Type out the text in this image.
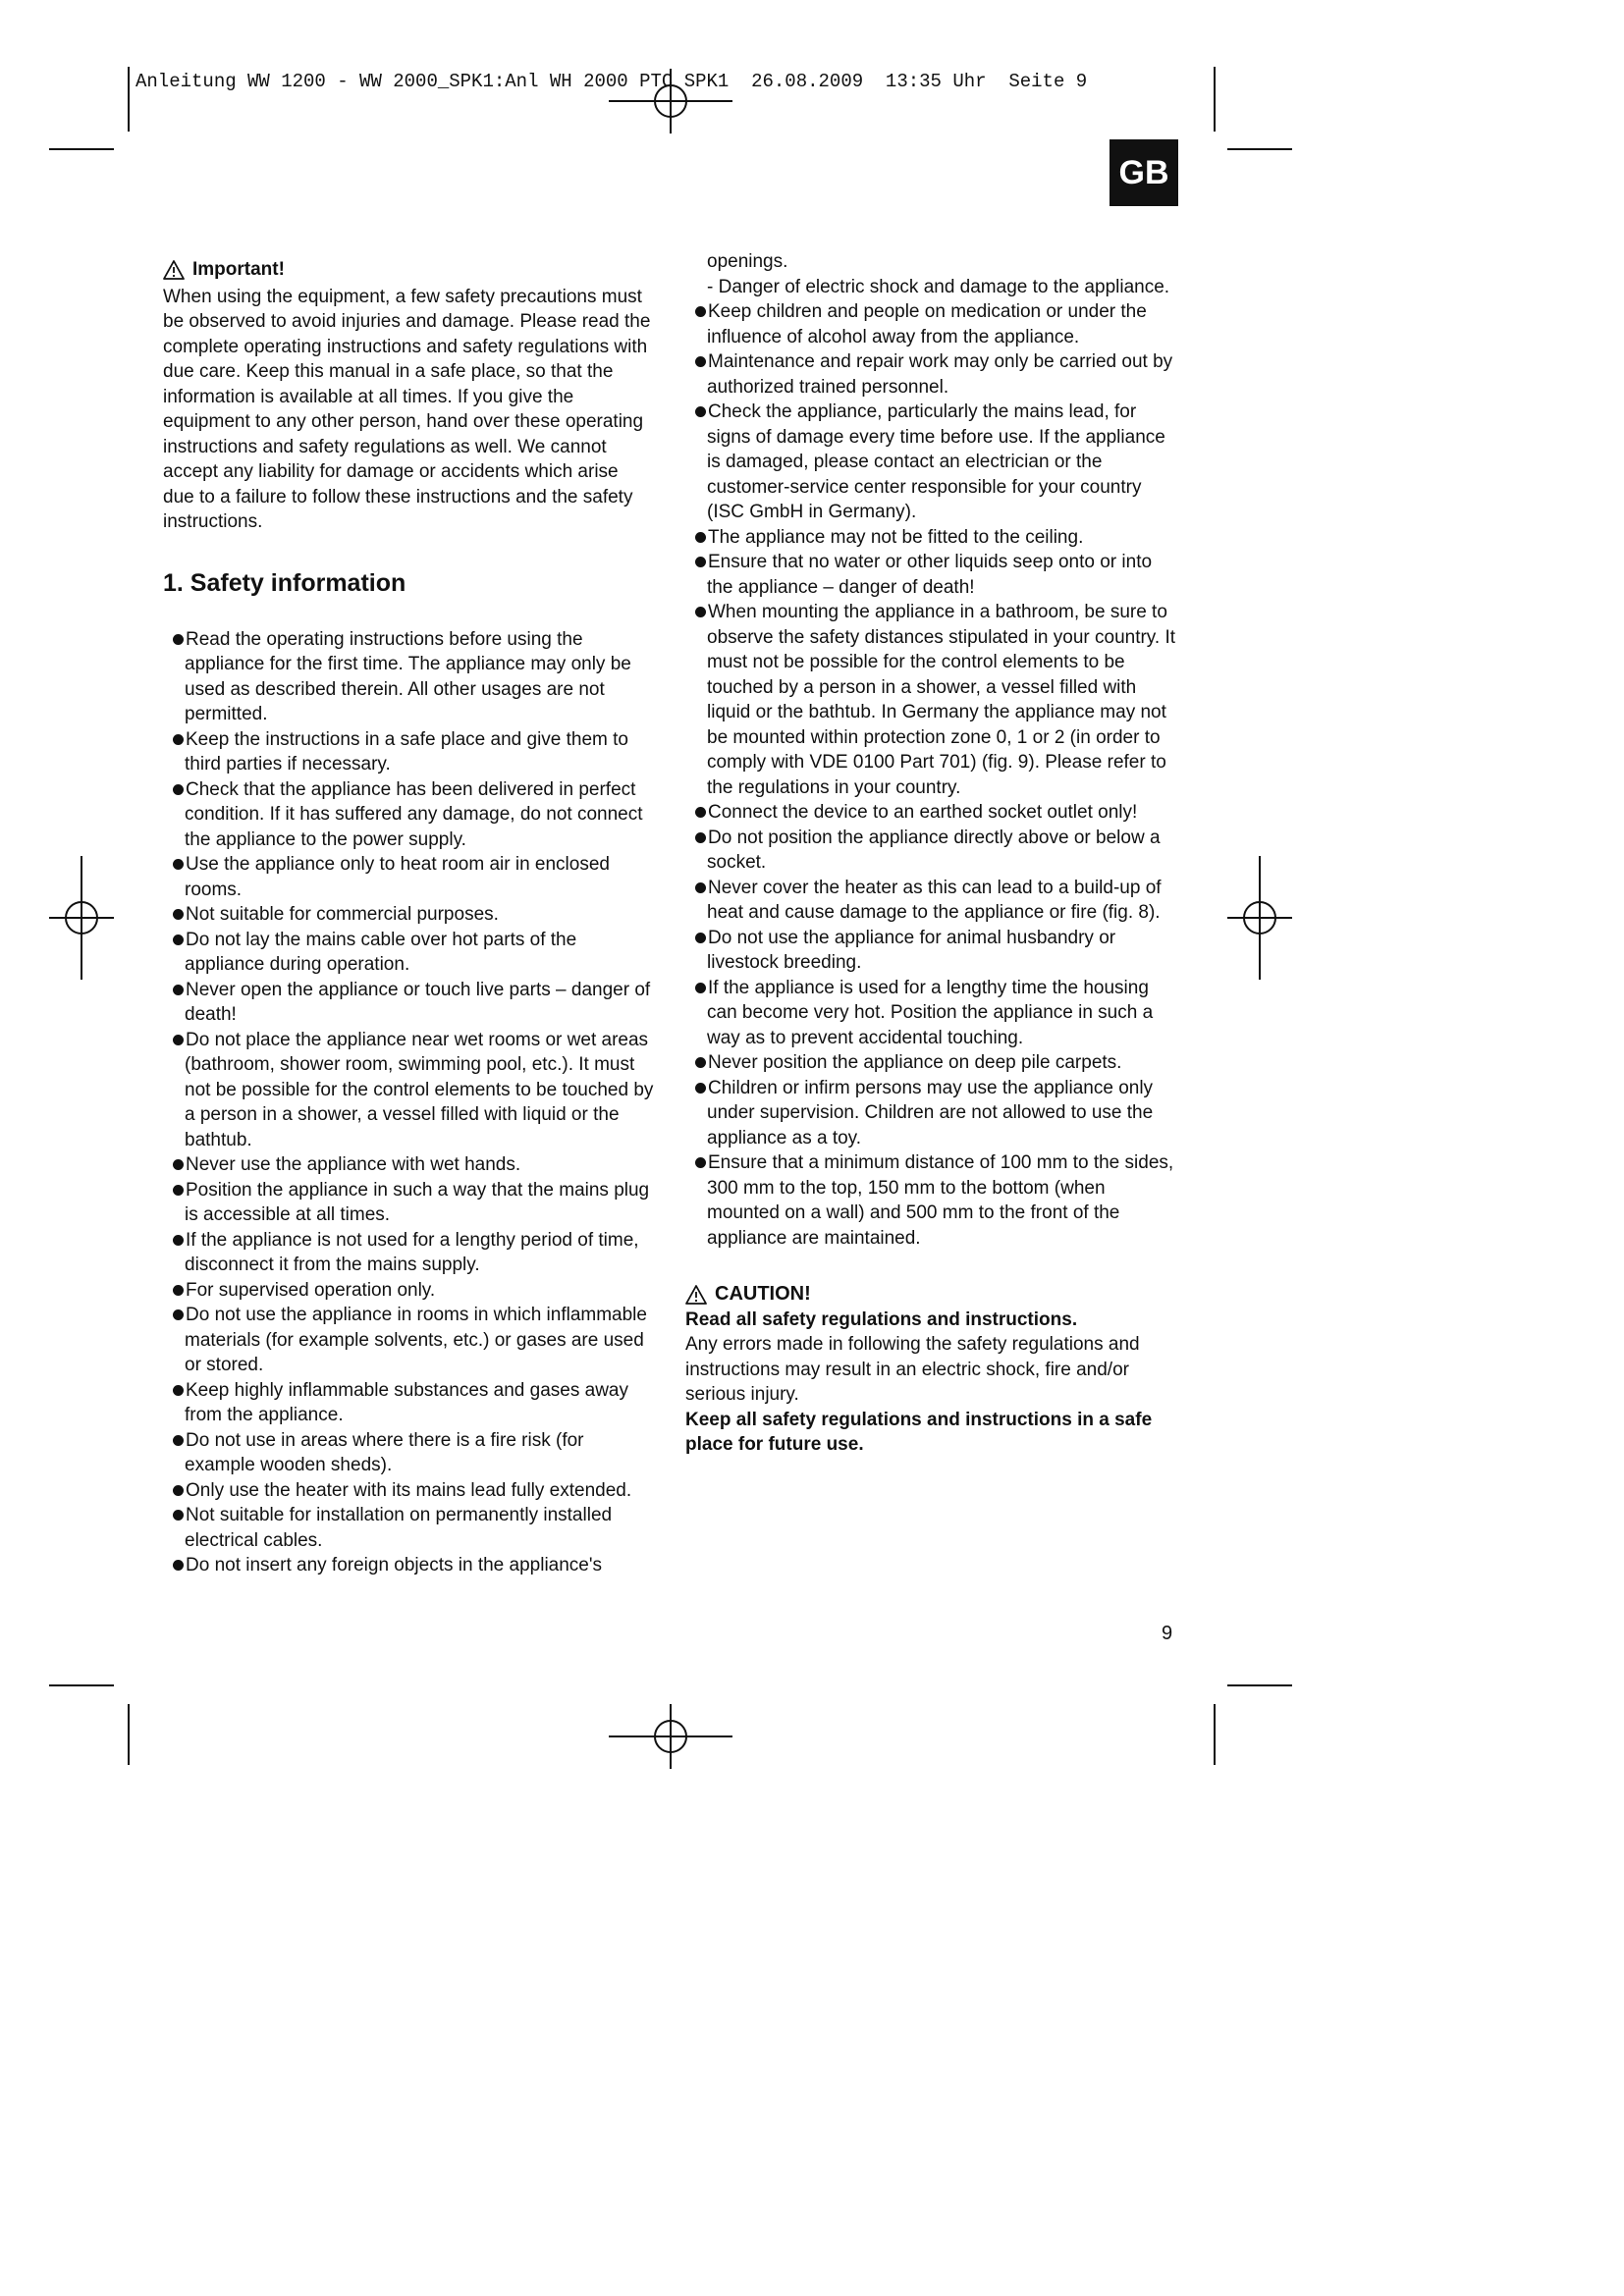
Anleitung WW 1200 - WW 2000_SPK1:Anl WH 2000 PTC SPK1  26.08.2009  13:35 Uhr  Seite 9
GB
Important!

When using the equipment, a few safety precautions must be observed to avoid injuries and damage. Please read the complete operating instructions and safety regulations with due care. Keep this manual in a safe place, so that the information is available at all times. If you give the equipment to any other person, hand over these operating instructions and safety regulations as well. We cannot accept any liability for damage or accidents which arise due to a failure to follow these instructions and the safety instructions.

1. Safety information
Read the operating instructions before using the appliance for the first time. The appliance may only be used as described therein. All other usages are not permitted.
Keep the instructions in a safe place and give them to third parties if necessary.
Check that the appliance has been delivered in perfect condition. If it has suffered any damage, do not connect the appliance to the power supply.
Use the appliance only to heat room air in enclosed rooms.
Not suitable for commercial purposes.
Do not lay the mains cable over hot parts of the appliance during operation.
Never open the appliance or touch live parts – danger of death!
Do not place the appliance near wet rooms or wet areas (bathroom, shower room, swimming pool, etc.). It must not be possible for the control elements to be touched by a person in a shower, a vessel filled with liquid or the bathtub.
Never use the appliance with wet hands.
Position the appliance in such a way that the mains plug is accessible at all times.
If the appliance is not used for a lengthy period of time, disconnect it from the mains supply.
For supervised operation only.
Do not use the appliance in rooms in which inflammable materials (for example solvents, etc.) or gases are used or stored.
Keep highly inflammable substances and gases away from the appliance.
Do not use in areas where there is a fire risk (for example wooden sheds).
Only use the heater with its mains lead fully extended.
Not suitable for installation on permanently installed electrical cables.
Do not insert any foreign objects in the appliance's

openings.

- Danger of electric shock and damage to the appliance.

Keep children and people on medication or under the influence of alcohol away from the appliance.
Maintenance and repair work may only be carried out by authorized trained personnel.
Check the appliance, particularly the mains lead, for signs of damage every time before use. If the appliance is damaged, please contact an electrician or the customer-service center responsible for your country (ISC GmbH in Germany).
The appliance may not be fitted to the ceiling.
Ensure that no water or other liquids seep onto or into the appliance – danger of death!
When mounting the appliance in a bathroom, be sure to observe the safety distances stipulated in your country. It must not be possible for the control elements to be touched by a person in a shower, a vessel filled with liquid or the bathtub. In Germany the appliance may not be mounted within protection zone 0, 1 or 2 (in order to comply with VDE 0100 Part 701) (fig. 9). Please refer to the regulations in your country.
Connect the device to an earthed socket outlet only!
Do not position the appliance directly above or below a socket.
Never cover the heater as this can lead to a build-up of heat and cause damage to the appliance or fire (fig. 8).
Do not use the appliance for animal husbandry or livestock breeding.
If the appliance is used for a lengthy time the housing can become very hot. Position the appliance in such a way as to prevent accidental touching.
Never position the appliance on deep pile carpets.
Children or infirm persons may use the appliance only under supervision. Children are not allowed to use the appliance as a toy.
Ensure that a minimum distance of 100 mm to the sides, 300 mm to the top, 150 mm to the bottom (when mounted on a wall) and 500 mm to the front of the appliance are maintained.
CAUTION!

Read all safety regulations and instructions.

Any errors made in following the safety regulations and instructions may result in an electric shock, fire and/or serious injury.

Keep all safety regulations and instructions in a safe place for future use.

9
